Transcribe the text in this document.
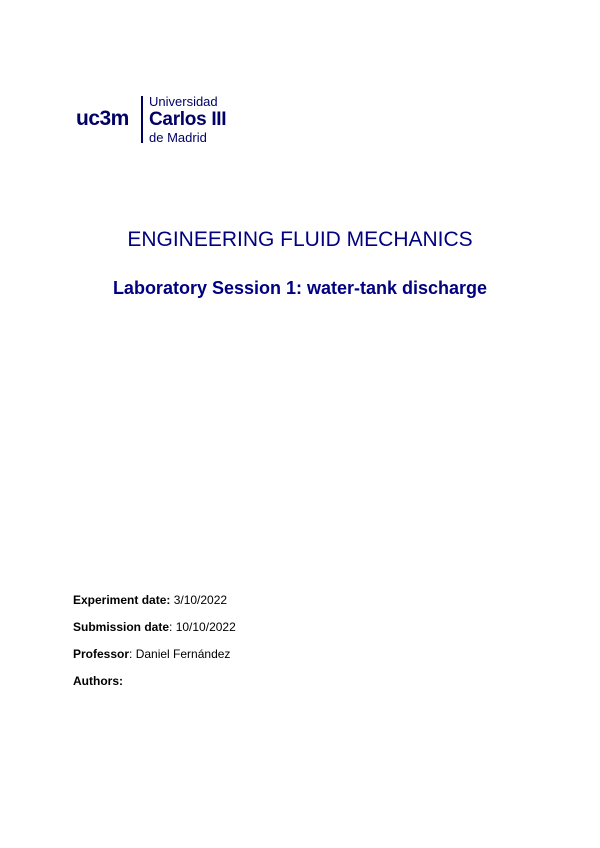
uc3m
Universidad
Carlos III
de Madrid
ENGINEERING FLUID MECHANICS
Laboratory Session 1: water-tank discharge
Experiment date: 3/10/2022
Submission date: 10/10/2022
Professor: Daniel Fernández
Authors:
